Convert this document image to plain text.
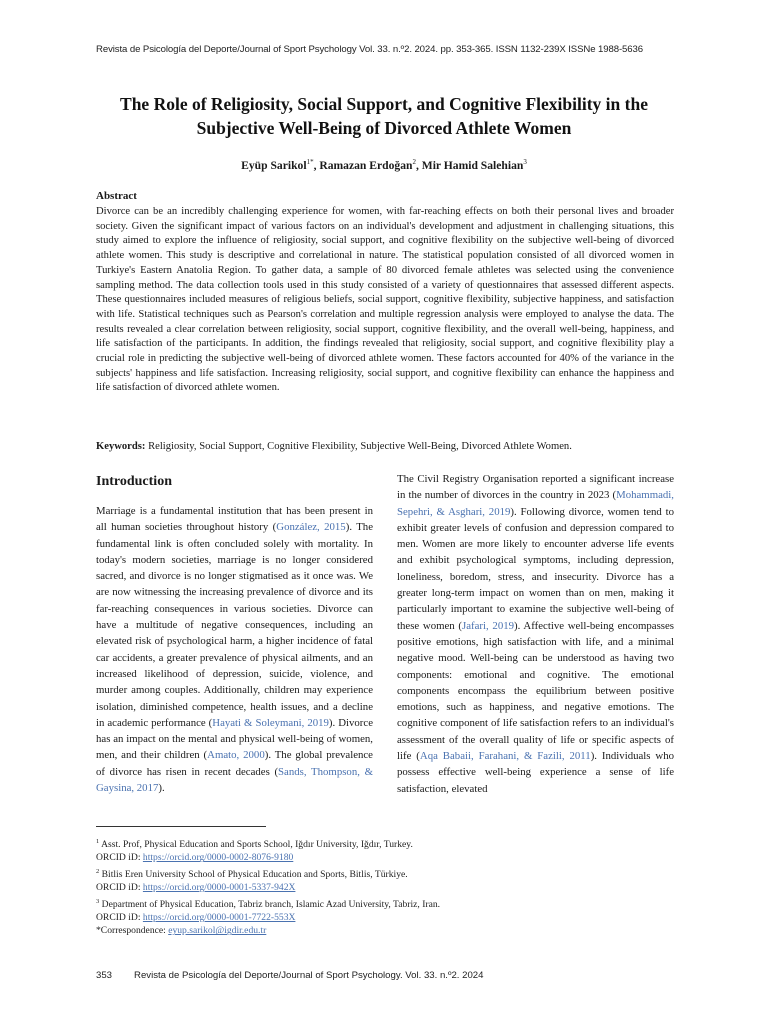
Revista de Psicología del Deporte/Journal of Sport Psychology Vol. 33. n.º2. 2024. pp. 353-365. ISSN 1132-239X ISSNe 1988-5636
The Role of Religiosity, Social Support, and Cognitive Flexibility in the
Subjective Well-Being of Divorced Athlete Women
Eyüp Sarikol$^{1*}$, Ramazan Erdoğan$^2$, Mir Hamid Salehian$^3$
Abstract

Divorce can be an incredibly challenging experience for women, with far-reaching effects on both their personal lives and broader society. Given the significant impact of various factors on an individual's development and adjustment in challenging situations, this study aimed to explore the influence of religiosity, social support, and cognitive flexibility on the subjective well-being of divorced athlete women. This study is descriptive and correlational in nature. The statistical population consisted of all divorced women in Turkiye's Eastern Anatolia Region. To gather data, a sample of 80 divorced female athletes was selected using the convenience sampling method. The data collection tools used in this study consisted of a variety of questionnaires that assessed different aspects. These questionnaires included measures of religious beliefs, social support, cognitive flexibility, subjective happiness, and satisfaction with life. Statistical techniques such as Pearson's correlation and multiple regression analysis were employed to analyse the data. The results revealed a clear correlation between religiosity, social support, cognitive flexibility, and the overall well-being, happiness, and life satisfaction of the participants. In addition, the findings revealed that religiosity, social support, and cognitive flexibility play a crucial role in predicting the subjective well-being of divorced athlete women. These factors accounted for 40% of the variance in the subjects' happiness and life satisfaction. Increasing religiosity, social support, and cognitive flexibility can enhance the happiness and life satisfaction of divorced athlete women.

Keywords: Religiosity, Social Support, Cognitive Flexibility, Subjective Well-Being, Divorced Athlete Women.

Introduction

Marriage is a fundamental institution that has been present in all human societies throughout history (González, 2015). The fundamental link is often concluded solely with mortality. In today's modern societies, marriage is no longer considered sacred, and divorce is no longer stigmatised as it once was. We are now witnessing the increasing prevalence of divorce and its far-reaching consequences in various societies. Divorce can have a multitude of negative consequences, including an elevated risk of psychological harm, a higher incidence of fatal car accidents, a greater prevalence of physical ailments, and an increased likelihood of depression, suicide, violence, and murder among couples. Additionally, children may experience isolation, diminished competence, health issues, and a decline in academic performance (Hayati & Soleymani, 2019). Divorce has an impact on the mental and physical well-being of women, men, and their children (Amato, 2000). The global prevalence of divorce has risen in recent decades (Sands, Thompson, & Gaysina, 2017).

The Civil Registry Organisation reported a significant increase in the number of divorces in the country in 2023 (Mohammadi, Sepehri, & Asghari, 2019). Following divorce, women tend to exhibit greater levels of confusion and depression compared to men. Women are more likely to encounter adverse life events and exhibit psychological symptoms, including depression, loneliness, boredom, stress, and insecurity. Divorce has a greater long-term impact on women than on men, making it particularly important to examine the subjective well-being of these women (Jafari, 2019). Affective well-being encompasses positive emotions, high satisfaction with life, and a minimal negative mood. Well-being can be understood as having two components: emotional and cognitive. The emotional components encompass the equilibrium between positive emotions, such as happiness, and negative emotions. The cognitive component of life satisfaction refers to an individual's assessment of the overall quality of life or specific aspects of life (Aqa Babaii, Farahani, & Fazili, 2011). Individuals who possess effective well-being experience a sense of life satisfaction, elevated

$^1$ Asst. Prof, Physical Education and Sports School, Iğdır University, Iğdır, Turkey.
ORCID iD: https://orcid.org/0000-0002-8076-9180
$^2$ Bitlis Eren University School of Physical Education and Sports, Bitlis, Türkiye.
ORCID iD: https://orcid.org/0000-0001-5337-942X
$^3$ Department of Physical Education, Tabriz branch, Islamic Azad University, Tabriz, Iran.
ORCID iD: https://orcid.org/0000-0001-7722-553X
*Correspondence: eyup.sarikol@igdir.edu.tr
353 Revista de Psicología del Deporte/Journal of Sport Psychology. Vol. 33. n.º2. 2024
